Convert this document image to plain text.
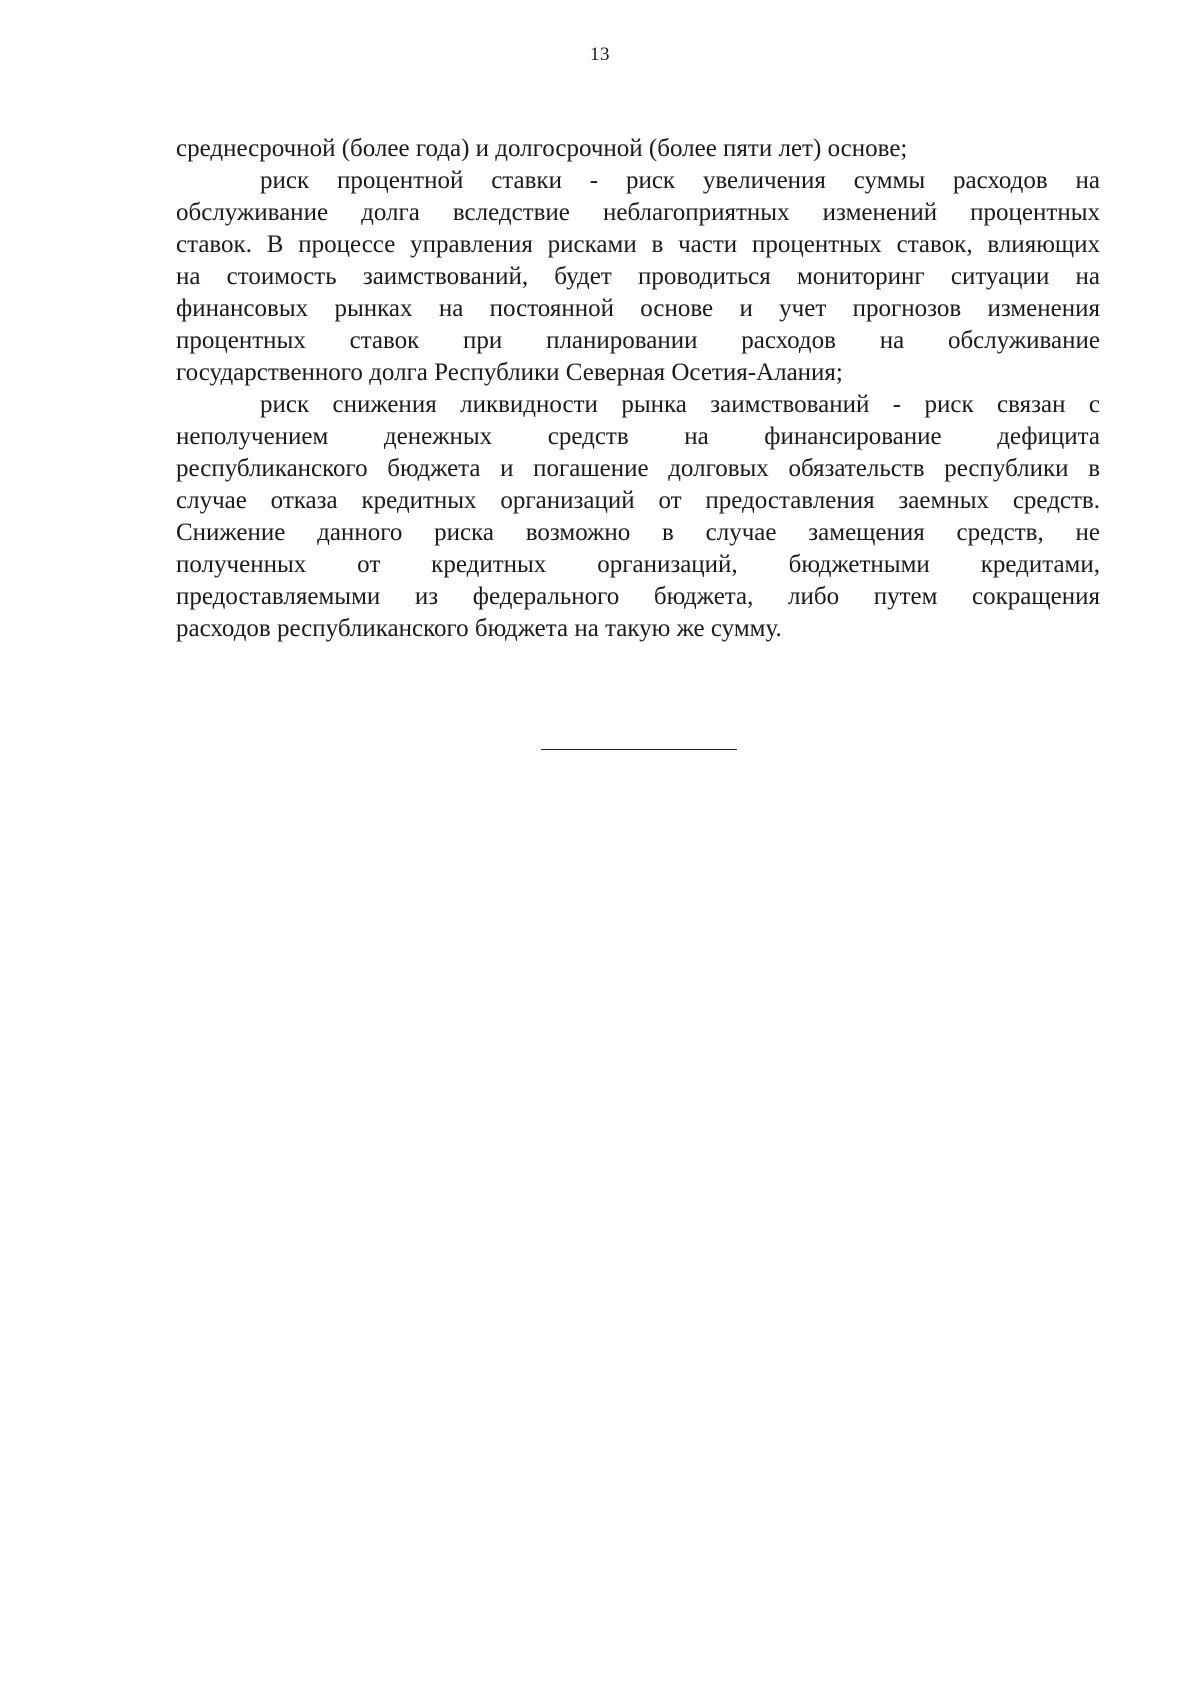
13
среднесрочной (более года) и долгосрочной (более пяти лет) основе;
риск процентной ставки - риск увеличения суммы расходов на
обслуживание долга вследствие неблагоприятных изменений процентных
ставок. В процессе управления рисками в части процентных ставок, влияющих
на стоимость заимствований, будет проводиться мониторинг ситуации на
финансовых рынках на постоянной основе и учет прогнозов изменения
процентных ставок при планировании расходов на обслуживание
государственного долга Республики Северная Осетия-Алания;
риск снижения ликвидности рынка заимствований - риск связан с
неполучением денежных средств на финансирование дефицита
республиканского бюджета и погашение долговых обязательств республики в
случае отказа кредитных организаций от предоставления заемных средств.
Снижение данного риска возможно в случае замещения средств, не
полученных от кредитных организаций, бюджетными кредитами,
предоставляемыми из федерального бюджета, либо путем сокращения
расходов республиканского бюджета на такую же сумму.
